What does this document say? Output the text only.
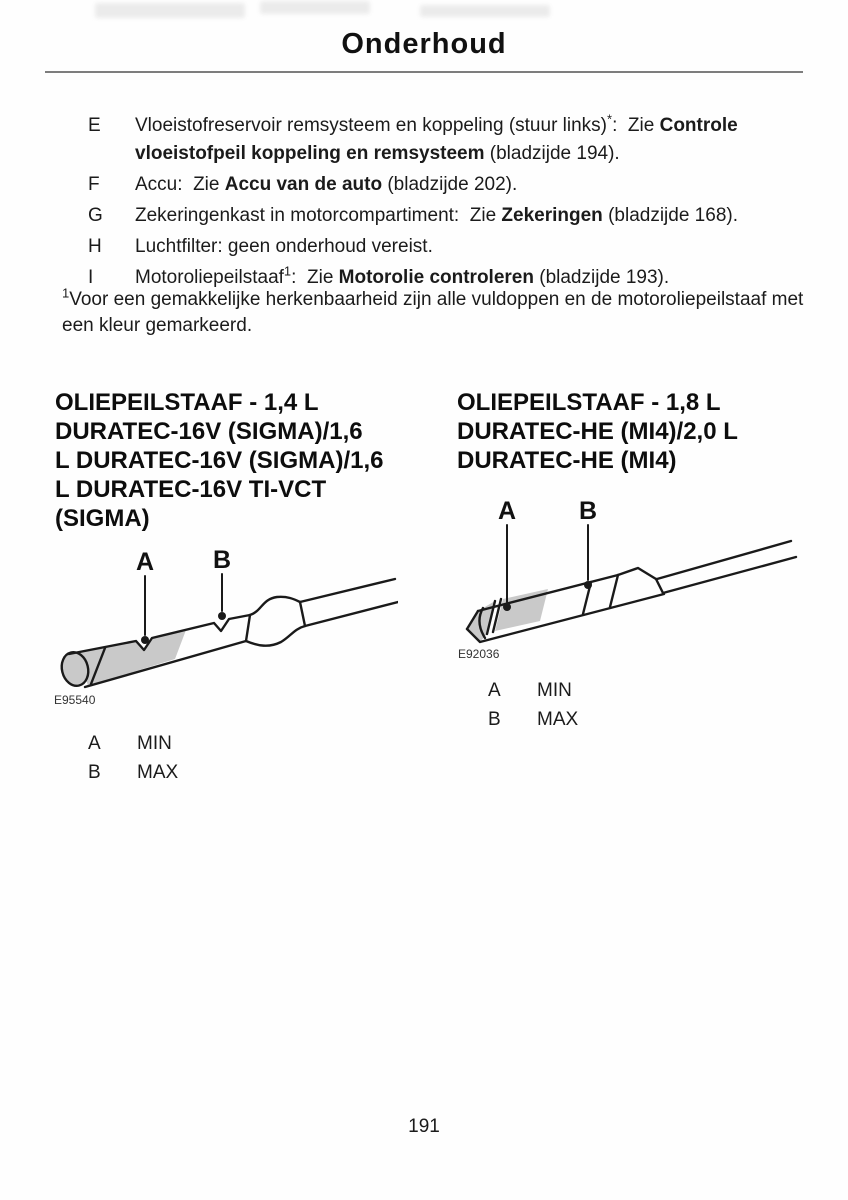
Onderhoud
E	Vloeistofreservoir remsysteem en koppeling (stuur links)*:  Zie Controle vloeistofpeil koppeling en remsysteem (bladzijde 194).
F	Accu:  Zie Accu van de auto (bladzijde 202).
G	Zekeringenkast in motorcompartiment:  Zie Zekeringen (bladzijde 168).
H	Luchtfilter: geen onderhoud vereist.
I	Motoroliepeilstaaf$^1$:  Zie Motorolie controleren (bladzijde 193).
$^1$Voor een gemakkelijke herkenbaarheid zijn alle vuldoppen en de motoroliepeilstaaf met een kleur gemarkeerd.
OLIEPEILSTAAF - 1,4 L
DURATEC-16V (SIGMA)/1,6
L DURATEC-16V (SIGMA)/1,6
L DURATEC-16V TI-VCT
(SIGMA)
OLIEPEILSTAAF - 1,8 L
DURATEC-HE (MI4)/2,0 L
DURATEC-HE (MI4)
A B
E95540
A	B
E92036
A	MIN
B	MAX
A	MIN
B	MAX
191
